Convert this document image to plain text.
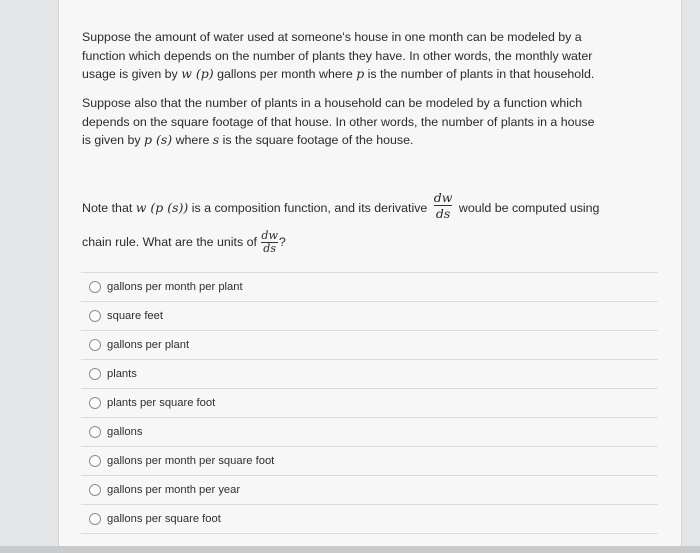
Suppose the amount of water used at someone's house in one month can be modeled by a function which depends on the number of plants they have. In other words, the monthly water usage is given by w (p) gallons per month where p is the number of plants in that household.

Suppose also that the number of plants in a household can be modeled by a function which depends on the square footage of that house. In other words, the number of plants in a house is given by p (s) where s is the square footage of the house.

Note that w (p (s)) is a composition function, and its derivative $\frac{dw}{ds}$ would be computed using
chain rule. What are the units of $\frac{dw}{ds}$ ?
gallons per month per plant
square feet
gallons per plant
plants
plants per square foot
gallons
gallons per month per square foot
gallons per month per year
gallons per square foot
